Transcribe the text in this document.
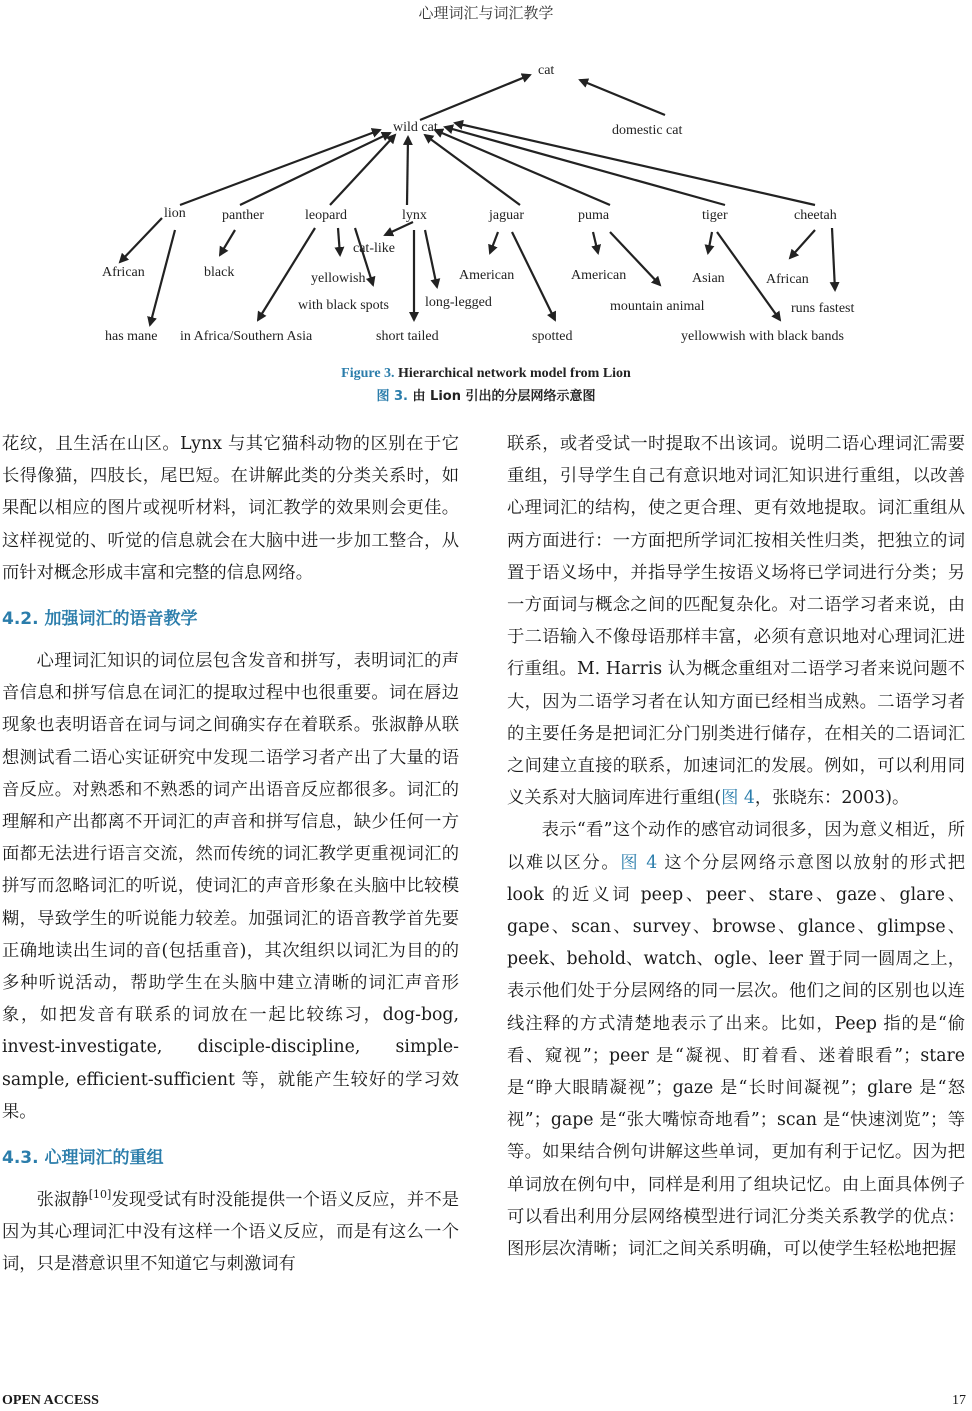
心理词汇与词汇教学
cat
wild cat	domestic cat
lion	panther	leopard	lynx	jaguar	puma	tiger	cheetah
African
has mane
black
in Africa/Southern Asia
yellowish
with black spots
cat-like
short tailed
long-legged
American
spotted
American
mountain animal
Asian
yellowwish with black bands
African
runs fastest
Figure 3. Hierarchical network model from Lion
图 3. 由 Lion 引出的分层网络示意图

花纹，且生活在山区。Lynx 与其它猫科动物的区别在于它长得像猫，四肢长，尾巴短。在讲解此类的分类关系时，如果配以相应的图片或视听材料，词汇教学的效果则会更佳。这样视觉的、听觉的信息就会在大脑中进一步加工整合，从而针对概念形成丰富和完整的信息网络。

4.2. 加强词汇的语音教学

心理词汇知识的词位层包含发音和拼写，表明词汇的声音信息和拼写信息在词汇的提取过程中也很重要。词在唇边现象也表明语音在词与词之间确实存在着联系。张淑静从联想测试看二语心实证研究中发现二语学习者产出了大量的语音反应。对熟悉和不熟悉的词产出语音反应都很多。词汇的理解和产出都离不开词汇的声音和拼写信息，缺少任何一方面都无法进行语言交流，然而传统的词汇教学更重视词汇的拼写而忽略词汇的听说，使词汇的声音形象在头脑中比较模糊，导致学生的听说能力较差。加强词汇的语音教学首先要正确地读出生词的音(包括重音)，其次组织以词汇为目的的多种听说活动，帮助学生在头脑中建立清晰的词汇声音形象，如把发音有联系的词放在一起比较练习，dog-bog, invest-investigate, disciple-discipline, simple-sample, efficient-sufficient 等，就能产生较好的学习效果。

4.3. 心理词汇的重组

张淑静[10]发现受试有时没能提供一个语义反应，并不是因为其心理词汇中没有这样一个语义反应，而是有这么一个词，只是潜意识里不知道它与刺激词有

联系，或者受试一时提取不出该词。说明二语心理词汇需要重组，引导学生自己有意识地对词汇知识进行重组，以改善心理词汇的结构，使之更合理、更有效地提取。词汇重组从两方面进行：一方面把所学词汇按相关性归类，把独立的词置于语义场中，并指导学生按语义场将已学词进行分类；另一方面词与概念之间的匹配复杂化。对二语学习者来说，由于二语输入不像母语那样丰富，必须有意识地对心理词汇进行重组。M. Harris 认为概念重组对二语学习者来说问题不大，因为二语学习者在认知方面已经相当成熟。二语学习者的主要任务是把词汇分门别类进行储存，在相关的二语词汇之间建立直接的联系，加速词汇的发展。例如，可以利用同义关系对大脑词库进行重组(图 4，张晓东：2003)。

表示“看”这个动作的感官动词很多，因为意义相近，所以难以区分。图 4 这个分层网络示意图以放射的形式把 look 的近义词 peep、peer、stare、gaze、glare、gape、scan、survey、browse、glance、glimpse、peek、behold、watch、ogle、leer 置于同一圆周之上，表示他们处于分层网络的同一层次。他们之间的区别也以连线注释的方式清楚地表示了出来。比如，Peep 指的是“偷看、窥视”；peer 是“凝视、盯着看、迷着眼看”；stare 是“睁大眼睛凝视”；gaze 是“长时间凝视”；glare 是“怒视”；gape 是“张大嘴惊奇地看”；scan 是“快速浏览”；等等。如果结合例句讲解这些单词，更加有利于记忆。因为把单词放在例句中，同样是利用了组块记忆。由上面具体例子可以看出利用分层网络模型进行词汇分类关系教学的优点：图形层次清晰；词汇之间关系明确，可以使学生轻松地把握

OPEN ACCESS	17
